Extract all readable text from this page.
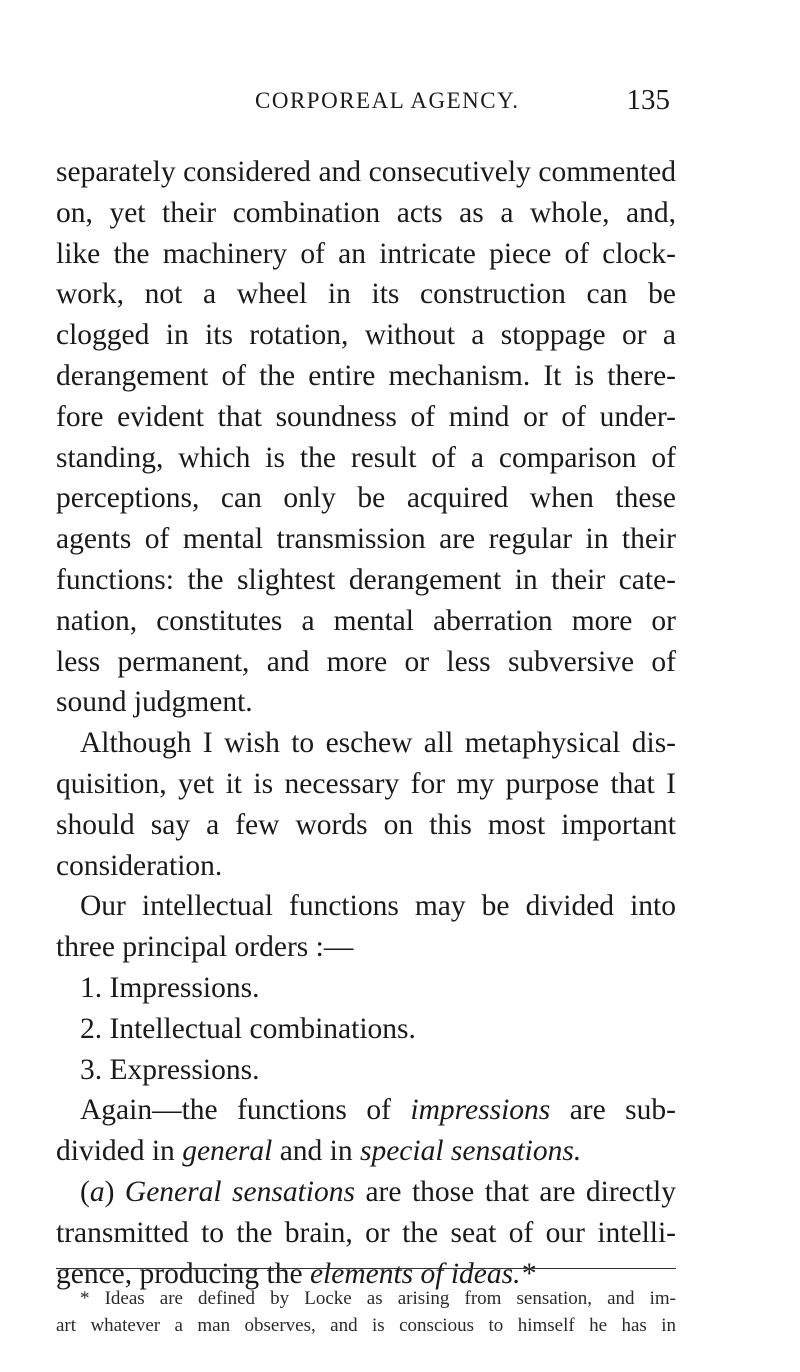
CORPOREAL AGENCY.	135
separately considered and consecutively commented
on, yet their combination acts as a whole, and,
like the machinery of an intricate piece of clock-
work, not a wheel in its construction can be
clogged in its rotation, without a stoppage or a
derangement of the entire mechanism. It is there-
fore evident that soundness of mind or of under-
standing, which is the result of a comparison of
perceptions, can only be acquired when these
agents of mental transmission are regular in their
functions: the slightest derangement in their cate-
nation, constitutes a mental aberration more or
less permanent, and more or less subversive of
sound judgment.
Although I wish to eschew all metaphysical dis-
quisition, yet it is necessary for my purpose that I
should say a few words on this most important
consideration.
Our intellectual functions may be divided into
three principal orders :—
1. Impressions.
2. Intellectual combinations.
3. Expressions.
Again—the functions of impressions are sub-
divided in general and in special sensations.
(a) General sensations are those that are directly
transmitted to the brain, or the seat of our intelli-
gence, producing the elements of ideas.*
* Ideas are defined by Locke as arising from sensation, and im-
art whatever a man observes, and is conscious to himself he has in
